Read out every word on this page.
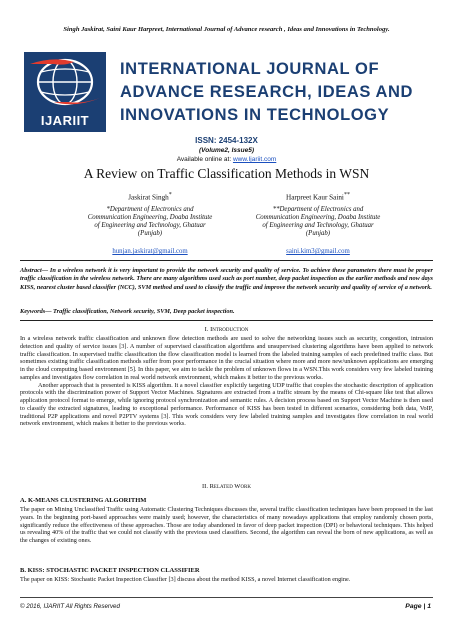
Singh Jaskirat, Saini Kaur Harpreet, International Journal of Advance research , Ideas and Innovations in Technology.
IJARIIT
INTERNATIONAL JOURNAL OF
ADVANCE RESEARCH, IDEAS AND
INNOVATIONS IN TECHNOLOGY
ISSN: 2454-132X
(Volume2, Issue5)
Available online at: www.Ijariit.com
A Review on Traffic Classification Methods in WSN
Jaskirat Singh*
*Department of Electronics and
Communication Engineering, Doaba Institute
of Engineering and Technology, Ghatuar
(Punjab)
hunjan.jaskirat@gmail.com
Harpreet Kaur Saini**
**Department of Electronics and
Communication Engineering, Doaba Institute
of Engineering and Technology, Ghatuar
(Punjab)
saini.kim3@gmail.com
Abstract— In a wireless network it is very important to provide the network security and quality of service. To achieve these parameters there must be proper traffic classification in the wireless network. There are many algorithms used such as port number, deep packet inspection as the earlier methods and now days KISS, nearest cluster based classifier (NCC), SVM method and used to classify the traffic and improve the network security and quality of service of a network.
Keywords— Traffic classification, Network security, SVM, Deep packet inspection.
I. Introduction

In a wireless network traffic classification and unknown flow detection methods are used to solve the networking issues such as security, congestion, intrusion detection and quality of service issues [3]. A number of supervised classification algorithms and unsupervised clustering algorithms have been applied to network traffic classification. In supervised traffic classification the flow classification model is learned from the labeled training samples of each predefined traffic class. But sometimes existing traffic classification methods suffer from poor performance in the crucial situation where more and more new/unknown applications are emerging in the cloud computing based environment [5]. In this paper, we aim to tackle the problem of unknown flows in a WSN.This work considers very few labeled training samples and investigates flow correlation in real world network environment, which makes it better to the previous works.

Another approach that is presented is KISS algorithm. It a novel classifier explicitly targeting UDP traffic that couples the stochastic description of application protocols with the discrimination power of Support Vector Machines. Signatures are extracted from a traffic stream by the means of Chi-square like test that allows application protocol format to emerge, while ignoring protocol synchronization and semantic rules. A decision process based on Support Vector Machine is then used to classify the extracted signatures, leading to exceptional performance. Performance of KISS has been tested in different scenarios, considering both data, VoIP, traditional P2P applications and novel P2PTV systems [3]. This work considers very few labeled training samples and investigates flow correlation in real world network environment, which makes it better to the previous works.

II. Related Work
A. K-MEANS CLUSTERING ALGORITHM

The paper on Mining Unclassified Traffic using Automatic Clustering Techniques discusses the, several traffic classification techniques have been proposed in the last years. In the beginning port-based approaches were mainly used; however, the characteristics of many nowadays applications that employ randomly chosen ports, significantly reduce the effectiveness of these approaches. Those are today abandoned in favor of deep packet inspection (DPI) or behavioral techniques. This helped us revealing 40% of the traffic that we could not classify with the previous used classifiers. Second, the algorithm can reveal the born of new applications, as well as the changes of existing ones.

B. KISS: STOCHASTIC PACKET INSPECTION CLASSIFIER

The paper on KISS: Stochastic Packet Inspection Classifier [3] discuss about the method KISS, a novel Internet classification engine.

© 2016, IJARIIT All Rights Reserved	Page | 1
